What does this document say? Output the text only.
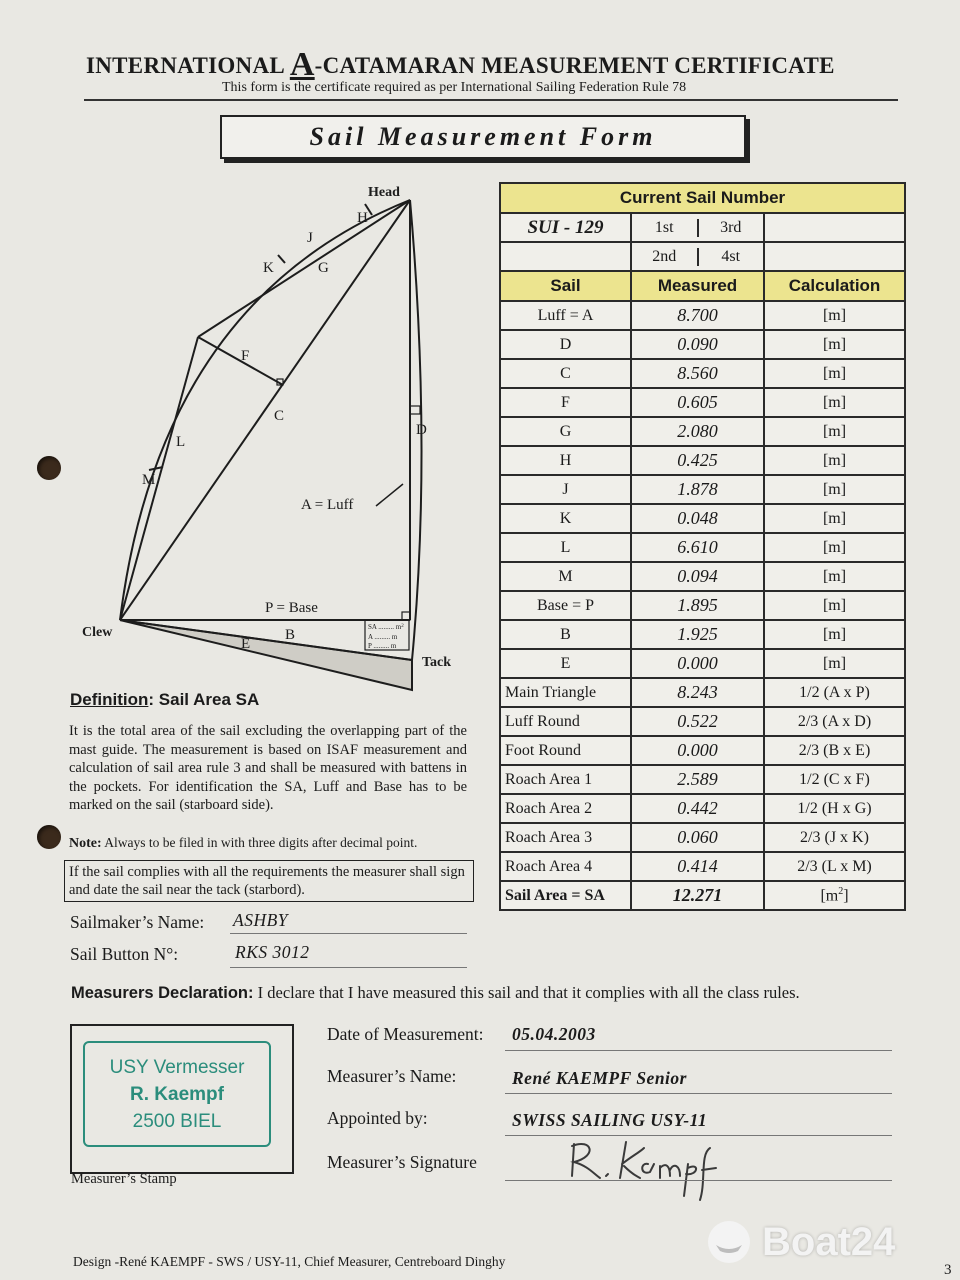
INTERNATIONAL A-CATAMARAN MEASUREMENT CERTIFICATE
This form is the certificate required as per International Sailing Federation Rule 78
Sail Measurement Form
Head
Clew
Tack
H
J
K	G
F
C
L
M
D
A = Luff
P = Base
B
E
SA ......... $m^2$
A ......... m
P ......... m
Current Sail Number		
SUI - 129	1st 3rd	

	2nd 4st	

Sail	Measured	Calculation
Luff = A	8.700	[m]
D	0.090	[m]
C	8.560	[m]
F	0.605	[m]
G	2.080	[m]
H	0.425	[m]
J	1.878	[m]
K	0.048	[m]
L	6.610	[m]
M	0.094	[m]
Base = P	1.895	[m]
B	1.925	[m]
E	0.000	[m]
Main Triangle	8.243	1/2 (A x P)
Luff Round	0.522	2/3 (A x D)
Foot Round	0.000	2/3 (B x E)
Roach Area 1	2.589	1/2 (C x F)
Roach Area 2	0.442	1/2 (H x G)
Roach Area 3	0.060	2/3 (J x K)
Roach Area 4	0.414	2/3 (L x M)
Sail Area = SA	12.271	$[m^2]$
Definition: Sail Area SA
It is the total area of the sail excluding the overlapping part of the mast guide. The measurement is based on ISAF measurement and calculation of sail area rule 3 and shall be measured with battens in the pockets. For identification the SA, Luff and Base has to be marked on the sail (starboard side).
Note: Always to be filed in with three digits after decimal point.
If the sail complies with all the requirements the measurer shall sign and date the sail near the tack (starbord).
Sailmaker’s Name: ASHBY
Sail Button N°:	RKS 3012
Measurers Declaration: I declare that I have measured this sail and that it complies with all the class rules.
USY Vermesser
R. Kaempf
2500 BIEL
Measurer’s Stamp
Date of Measurement: 05.04.2003
Measurer’s Name:	René KAEMPF Senior
Appointed by:	SWISS SAILING USY-11
Measurer’s Signature
Design -René KAEMPF - SWS / USY-11, Chief Measurer, Centreboard Dinghy	Boat24
3
